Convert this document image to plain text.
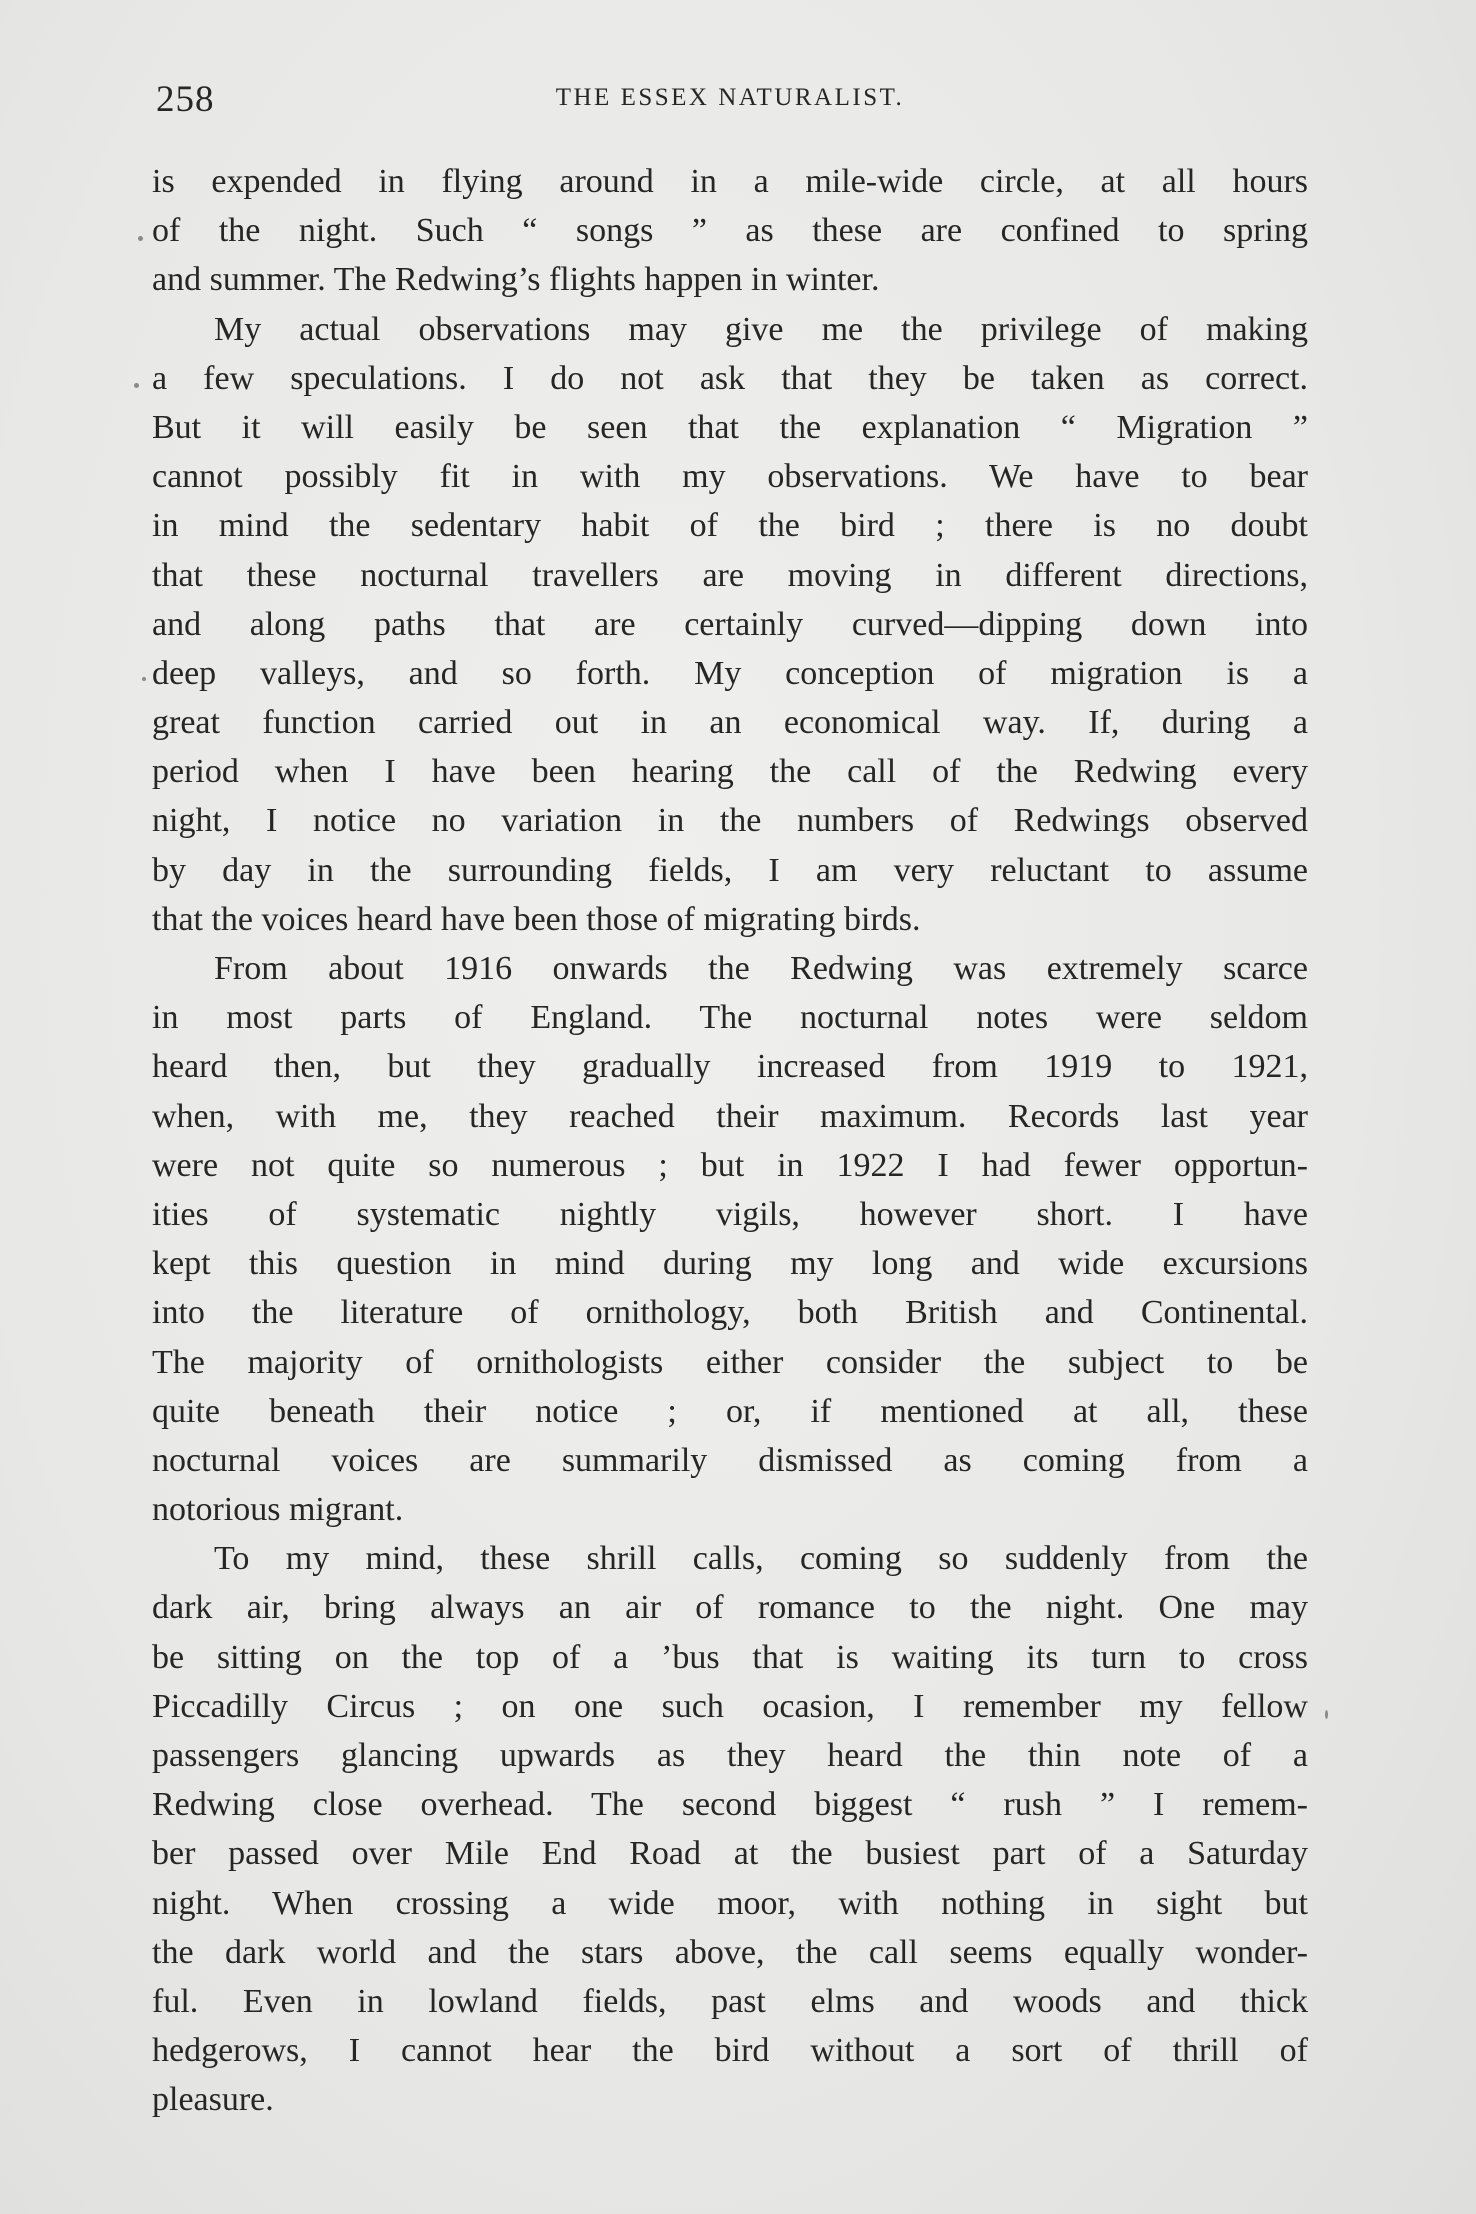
258	THE ESSEX NATURALIST.
is expended in flying around in a mile-wide circle, at all hours
of the night. Such “ songs ” as these are confined to spring
and summer. The Redwing’s flights happen in winter.
My actual observations may give me the privilege of making
a few speculations. I do not ask that they be taken as correct.
But it will easily be seen that the explanation “ Migration ”
cannot possibly fit in with my observations. We have to bear
in mind the sedentary habit of the bird ; there is no doubt
that these nocturnal travellers are moving in different directions,
and along paths that are certainly curved—dipping down into
deep valleys, and so forth. My conception of migration is a
great function carried out in an economical way. If, during a
period when I have been hearing the call of the Redwing every
night, I notice no variation in the numbers of Redwings observed
by day in the surrounding fields, I am very reluctant to assume
that the voices heard have been those of migrating birds.
From about 1916 onwards the Redwing was extremely scarce
in most parts of England. The nocturnal notes were seldom
heard then, but they gradually increased from 1919 to 1921,
when, with me, they reached their maximum. Records last year
were not quite so numerous ; but in 1922 I had fewer opportun-
ities of systematic nightly vigils, however short. I have
kept this question in mind during my long and wide excursions
into the literature of ornithology, both British and Continental.
The majority of ornithologists either consider the subject to be
quite beneath their notice ; or, if mentioned at all, these
nocturnal voices are summarily dismissed as coming from a
notorious migrant.
To my mind, these shrill calls, coming so suddenly from the
dark air, bring always an air of romance to the night. One may
be sitting on the top of a ’bus that is waiting its turn to cross
Piccadilly Circus ; on one such ocasion, I remember my fellow
passengers glancing upwards as they heard the thin note of a
Redwing close overhead. The second biggest “ rush ” I remem-
ber passed over Mile End Road at the busiest part of a Saturday
night. When crossing a wide moor, with nothing in sight but
the dark world and the stars above, the call seems equally wonder-
ful. Even in lowland fields, past elms and woods and thick
hedgerows, I cannot hear the bird without a sort of thrill of
pleasure.
